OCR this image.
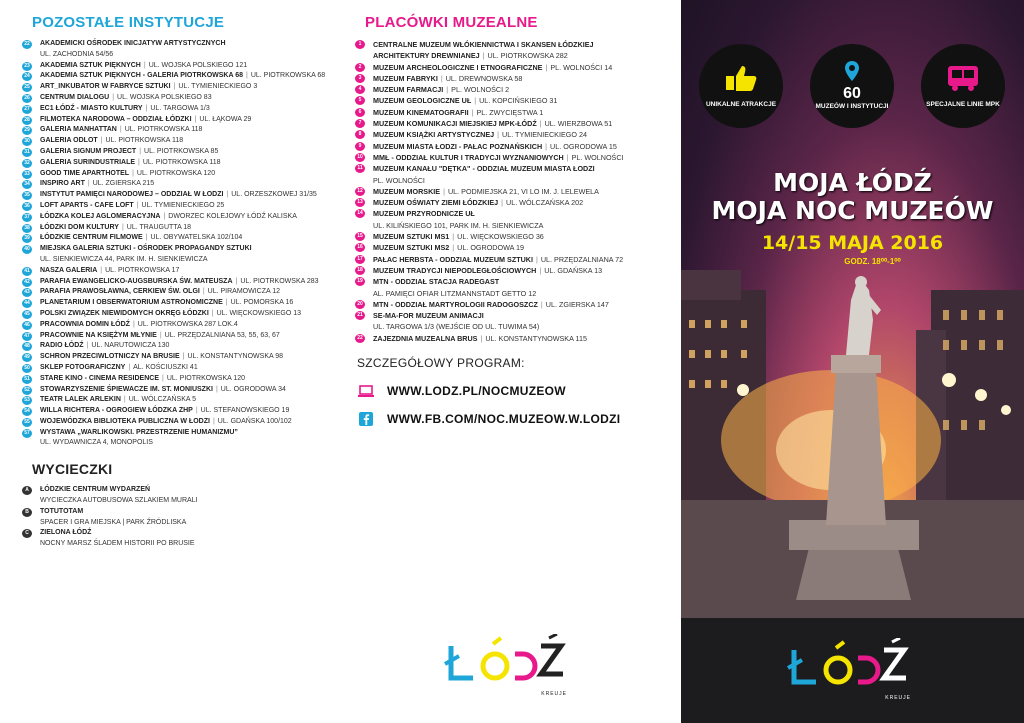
POZOSTAŁE INSTYTUCJE
22	AKADEMICKI OŚRODEK INICJATYW ARTYSTYCZNYCH
UL. ZACHODNIA 54/56
23	AKADEMIA SZTUK PIĘKNYCH | UL. WOJSKA POLSKIEGO 121
24	AKADEMIA SZTUK PIĘKNYCH - GALERIA PIOTRKOWSKA 68 | UL. PIOTRKOWSKA 68
25	ART_INKUBATOR W FABRYCE SZTUKI | UL. TYMIENIECKIEGO 3
26	CENTRUM DIALOGU | UL. WOJSKA POLSKIEGO 83
27	EC1 ŁÓDŹ - MIASTO KULTURY | UL. TARGOWA 1/3
28	FILMOTEKA NARODOWA – ODDZIAŁ ŁÓDZKI | UL. ŁĄKOWA 29
29	GALERIA MANHATTAN | UL. PIOTRKOWSKA 118
30	GALERIA ODLOT | UL. PIOTRKOWSKA 118
31	GALERIA SIGNUM PROJECT | UL. PIOTRKOWSKA 85
32	GALERIA SURINDUSTRIALE | UL. PIOTRKOWSKA 118
33	GOOD TIME APARTHOTEL | UL. PIOTRKOWSKA 120
34	INSPIRO ART | UL. ZGIERSKA 215
35	INSTYTUT PAMIĘCI NARODOWEJ – ODDZIAŁ W ŁODZI | UL. ORZESZKOWEJ 31/35
36	LOFT APARTS - CAFE LOFT | UL. TYMIENIECKIEGO 25
37	ŁÓDZKA KOLEJ AGLOMERACYJNA | DWORZEC KOLEJOWY ŁÓDŹ KALISKA
38	ŁÓDZKI DOM KULTURY | UL. TRAUGUTTA 18
39	ŁÓDZKIE CENTRUM FILMOWE | UL. OBYWATELSKA 102/104
40	MIEJSKA GALERIA SZTUKI - OŚRODEK PROPAGANDY SZTUKI
UL. SIENKIEWICZA 44, PARK IM. H. SIENKIEWICZA
41	NASZA GALERIA | UL. PIOTRKOWSKA 17
42	PARAFIA EWANGELICKO-AUGSBURSKA ŚW. MATEUSZA | UL. PIOTRKOWSKA 283
43	PARAFIA PRAWOSŁAWNA, CERKIEW ŚW. OLGI | UL. PIRAMOWICZA 12
44	PLANETARIUM I OBSERWATORIUM ASTRONOMICZNE | UL. POMORSKA 16
45	POLSKI ZWIĄZEK NIEWIDOMYCH OKRĘG ŁÓDZKI | UL. WIĘCKOWSKIEGO 13
46	PRACOWNIA DOMIN ŁÓDŹ | UL. PIOTRKOWSKA 287 LOK.4
47	PRACOWNIE NA KSIĘŻYM MŁYNIE | UL. PRZĘDZALNIANA 53, 55, 63, 67
48	RADIO ŁÓDŹ | UL. NARUTOWICZA 130
49	SCHRON PRZECIWLOTNICZY NA BRUSIE | UL. KONSTANTYNOWSKA 98
50	SKLEP FOTOGRAFICZNY | AL. KOŚCIUSZKI 41
51	STARE KINO - CINEMA RESIDENCE | UL. PIOTRKOWSKA 120
52	STOWARZYSZENIE ŚPIEWACZE IM. ST. MONIUSZKI | UL. OGRODOWA 34
53	TEATR LALEK ARLEKIN | UL. WÓLCZAŃSKA 5
54	WILLA RICHTERA - OGROGIEW ŁÓDZKA ZHP | UL. STEFANOWSKIEGO 19
55	WOJEWÓDZKA BIBLIOTEKA PUBLICZNA W ŁODZI | UL. GDAŃSKA 100/102
57	WYSTAWA „WARLIKOWSKI. PRZESTRZENIE HUMANIZMU”
UL. WYDAWNICZA 4, MONOPOLIS
WYCIECZKI
A	ŁÓDZKIE CENTRUM WYDARZEŃ
WYCIECZKA AUTOBUSOWA SZLAKIEM MURALI
B	TOTUTOTAM
SPACER I GRA MIEJSKA | PARK ŹRÓDLISKA
C	ZIELONA ŁÓDŹ
NOCNY MARSZ ŚLADEM HISTORII PO BRUSIE
PLACÓWKI MUZEALNE
1	CENTRALNE MUZEUM WŁÓKIENNICTWA I SKANSEN ŁÓDZKIEJ
ARCHITEKTURY DREWNIANEJ | UL. PIOTRKOWSKA 282
2	MUZEUM ARCHEOLOGICZNE I ETNOGRAFICZNE | PL. WOLNOŚCI 14
3	MUZEUM FABRYKI | UL. DREWNOWSKA 58
4	MUZEUM FARMACJI | PL. WOLNOŚCI 2
5	MUZEUM GEOLOGICZNE UŁ | UL. KOPCIŃSKIEGO 31
6	MUZEUM KINEMATOGRAFII | PL. ZWYCIĘSTWA 1
7	MUZEUM KOMUNIKACJI MIEJSKIEJ MPK-ŁÓDŹ | UL. WIERZBOWA 51
8	MUZEUM KSIĄŻKI ARTYSTYCZNEJ | UL. TYMIENIECKIEGO 24
9	MUZEUM MIASTA ŁODZI - PAŁAC POZNAŃSKICH | UL. OGRODOWA 15
10	MMŁ - ODDZIAŁ KULTUR I TRADYCJI WYZNANIOWYCH | PL. WOLNOŚCI
11	MUZEUM KANAŁU "DĘTKA" - ODDZIAŁ MUZEUM MIASTA ŁODZI
PL. WOLNOŚCI
12	MUZEUM MORSKIE | UL. PODMIEJSKA 21, VI LO IM. J. LELEWELA
13	MUZEUM OŚWIATY ZIEMI ŁÓDZKIEJ | UL. WÓLCZAŃSKA 202
14	MUZEUM PRZYRODNICZE UŁ
UL. KILIŃSKIEGO 101, PARK IM. H. SIENKIEWICZA
15	MUZEUM SZTUKI MS1 | UL. WIĘCKOWSKIEGO 36
16	MUZEUM SZTUKI MS2 | UL. OGRODOWA 19
17	PAŁAC HERBSTA - ODDZIAŁ MUZEUM SZTUKI | UL. PRZĘDZALNIANA 72
18	MUZEUM TRADYCJI NIEPODLEGŁOŚCIOWYCH | UL. GDAŃSKA 13
19	MTN - ODDZIAŁ STACJA RADEGAST
AL. PAMIĘCI OFIAR LITZMANNSTADT GETTO 12
20	MTN - ODDZIAŁ MARTYROLOGII RADOGOSZCZ | UL. ZGIERSKA 147
21	SE-MA-FOR MUZEUM ANIMACJI
UL. TARGOWA 1/3 (WEJŚCIE OD UL. TUWIMA 54)
22	ZAJEZDNIA MUZEALNA BRUS | UL. KONSTANTYNOWSKA 115
SZCZEGÓŁOWY PROGRAM:
WWW.LODZ.PL/NOCMUZEOW
WWW.FB.COM/NOC.MUZEOW.W.LODZI
KREUJE
UNIKALNE ATRAKCJE
60
MUZEÓW I INSTYTUCJI	SPECJALNE LINIE MPK
MOJA ŁÓDŹ
MOJA NOC MUZEÓW
14/15 MAJA 2016
GODZ. 18⁰⁰-1⁰⁰
KREUJE
